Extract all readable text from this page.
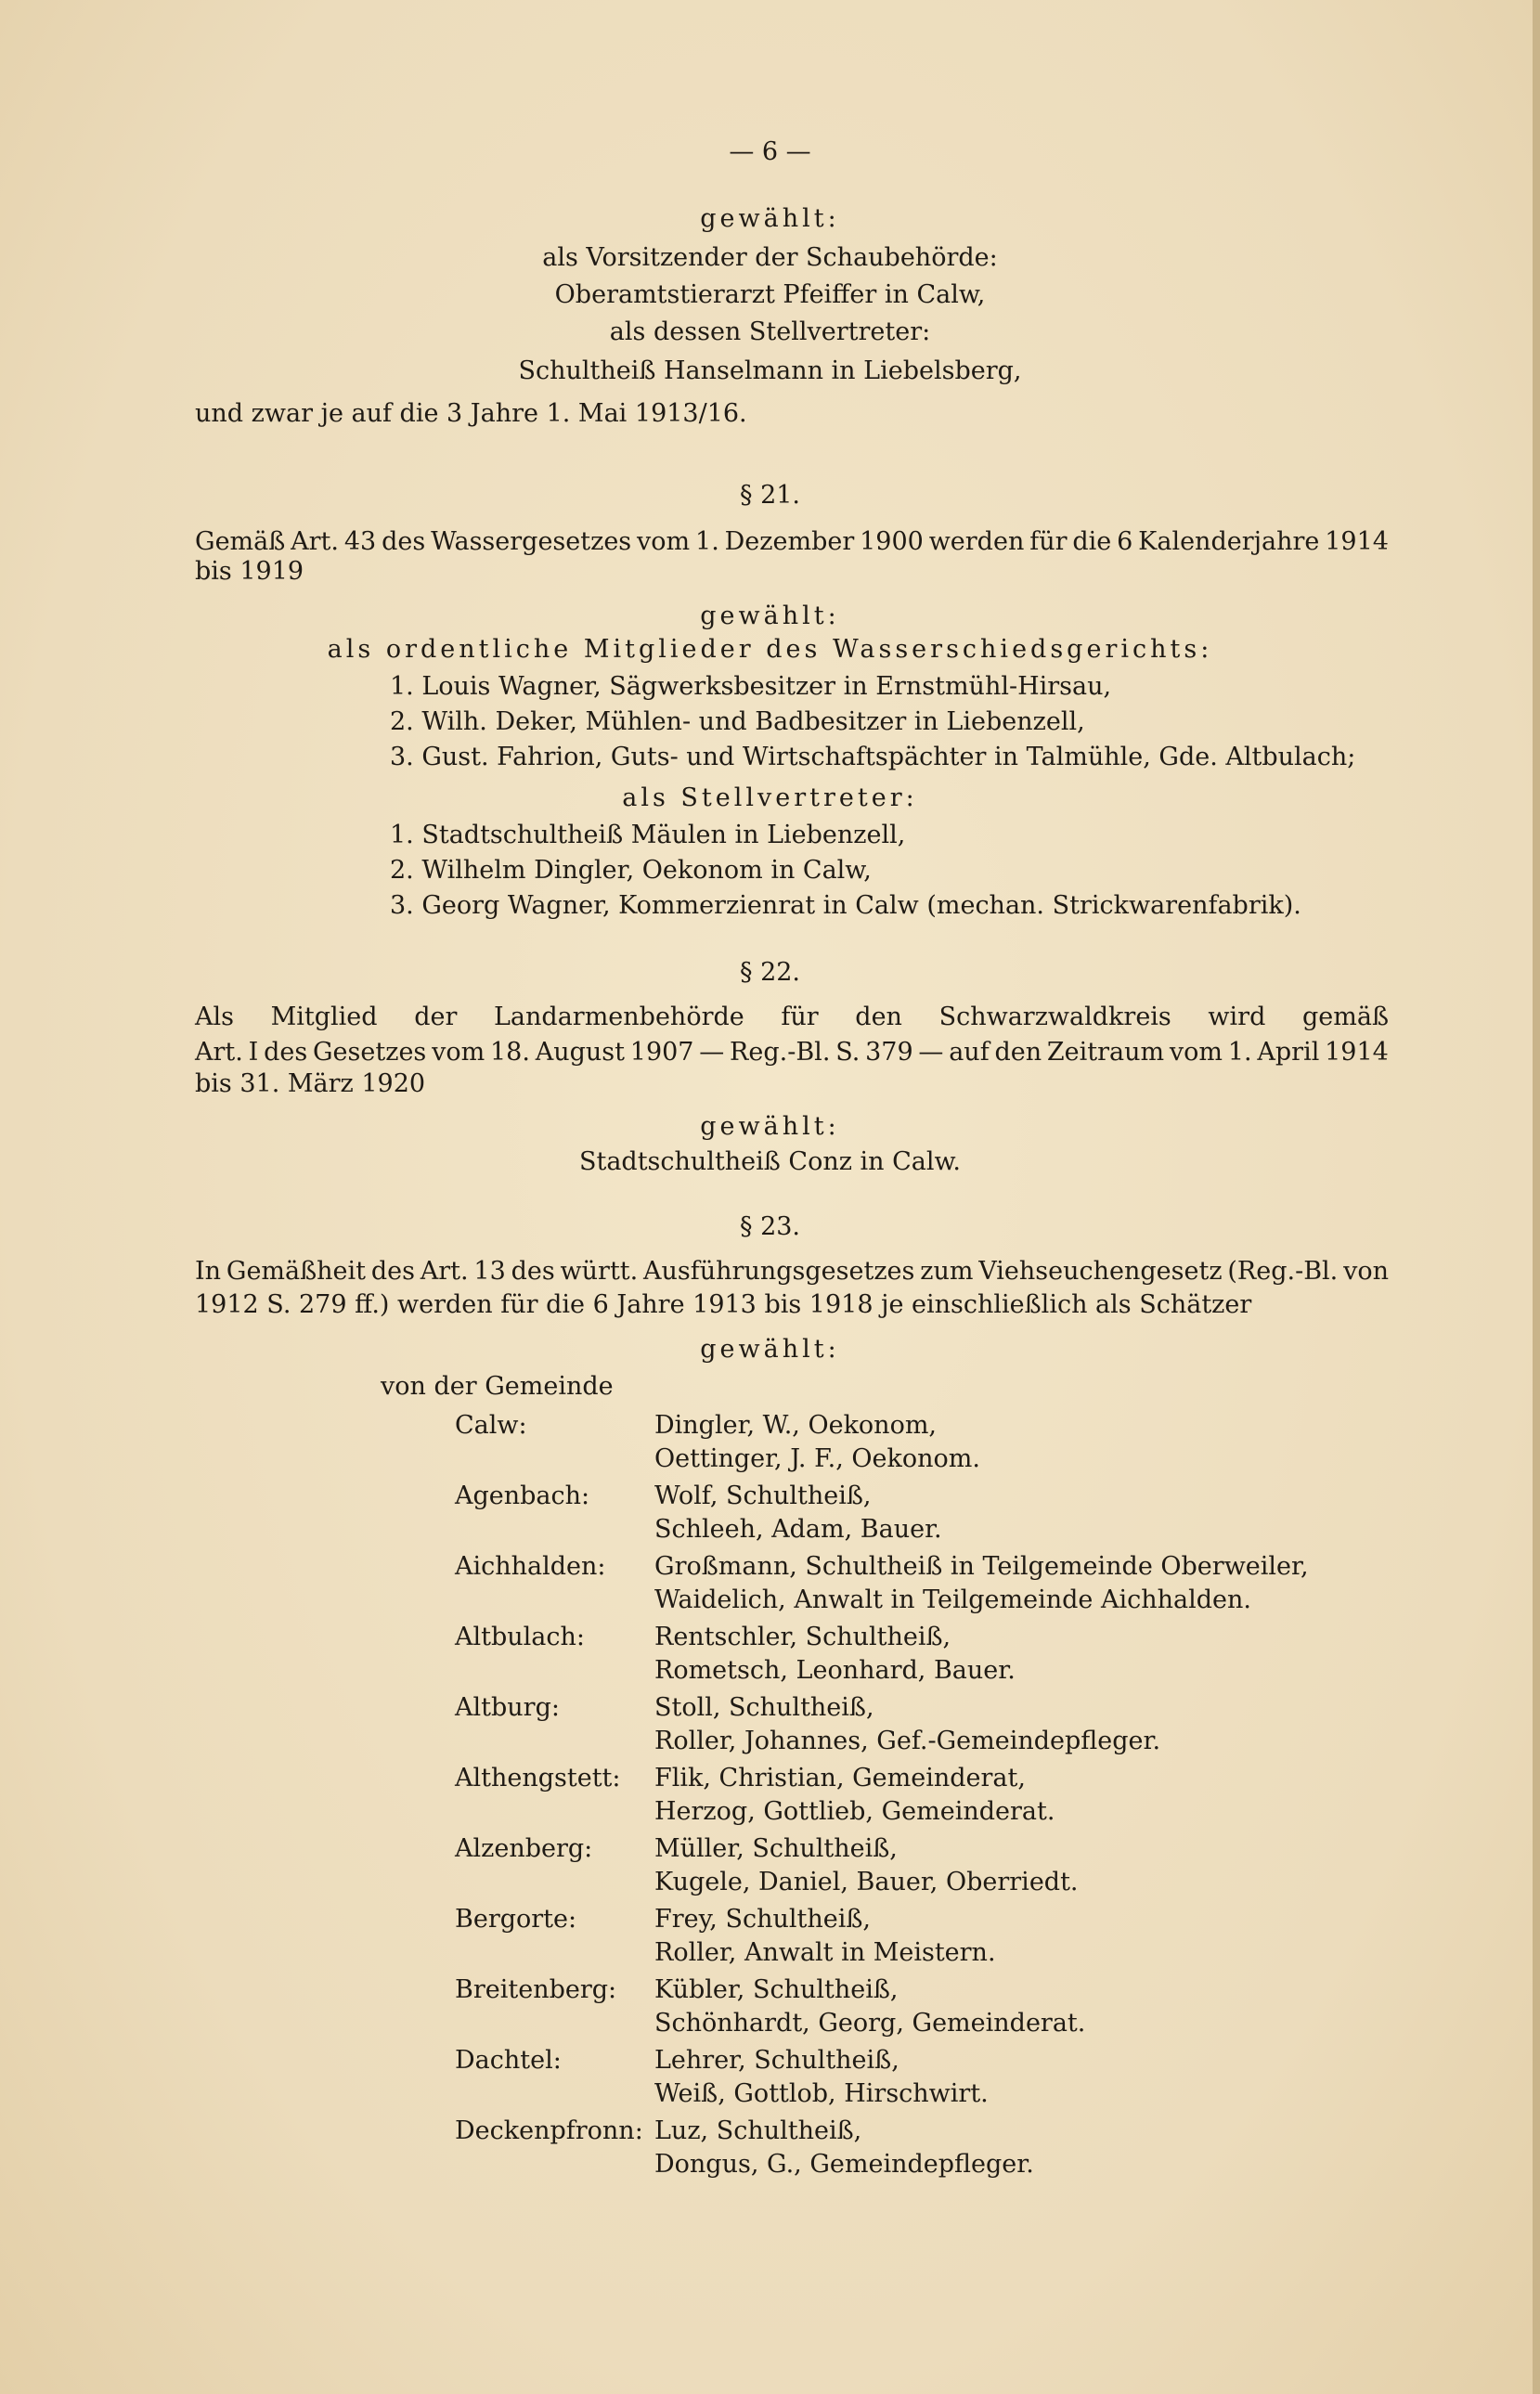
— 6 —
gewählt:
als Vorsitzender der Schaubehörde:
Oberamtstierarzt Pfeiffer in Calw,
als dessen Stellvertreter:
Schultheiß Hanselmann in Liebelsberg,
und zwar je auf die 3 Jahre 1. Mai 1913/16.
§ 21.
Gemäß Art. 43 des Wassergesetzes vom 1. Dezember 1900 werden für die 6 Kalenderjahre 1914
bis 1919
gewählt:
als ordentliche Mitglieder des Wasserschiedsgerichts:
1. Louis Wagner, Sägwerksbesitzer in Ernstmühl-Hirsau,
2. Wilh. Deker, Mühlen- und Badbesitzer in Liebenzell,
3. Gust. Fahrion, Guts- und Wirtschaftspächter in Talmühle, Gde. Altbulach;
als Stellvertreter:
1. Stadtschultheiß Mäulen in Liebenzell,
2. Wilhelm Dingler, Oekonom in Calw,
3. Georg Wagner, Kommerzienrat in Calw (mechan. Strickwarenfabrik).
§ 22.
Als Mitglied der Landarmenbehörde für den Schwarzwaldkreis wird gemäß
Art. I des Gesetzes vom 18. August 1907 — Reg.-Bl. S. 379 — auf den Zeitraum vom 1. April 1914
bis 31. März 1920
gewählt:
Stadtschultheiß Conz in Calw.
§ 23.
In Gemäßheit des Art. 13 des württ. Ausführungsgesetzes zum Viehseuchengesetz (Reg.-Bl. von
1912 S. 279 ff.) werden für die 6 Jahre 1913 bis 1918 je einschließlich als Schätzer
gewählt:
von der Gemeinde
Calw:	Dingler, W., Oekonom,
Oettinger, J. F., Oekonom.
Agenbach:	Wolf, Schultheiß,
Schleeh, Adam, Bauer.
Aichhalden:	Großmann, Schultheiß in Teilgemeinde Oberweiler,
Waidelich, Anwalt in Teilgemeinde Aichhalden.
Altbulach:	Rentschler, Schultheiß,
Rometsch, Leonhard, Bauer.
Altburg:	Stoll, Schultheiß,
Roller, Johannes, Gef.-Gemeindepfleger.
Althengstett:	Flik, Christian, Gemeinderat,
Herzog, Gottlieb, Gemeinderat.
Alzenberg:	Müller, Schultheiß,
Kugele, Daniel, Bauer, Oberriedt.
Bergorte:	Frey, Schultheiß,
Roller, Anwalt in Meistern.
Breitenberg:	Kübler, Schultheiß,
Schönhardt, Georg, Gemeinderat.
Dachtel:	Lehrer, Schultheiß,
Weiß, Gottlob, Hirschwirt.
Deckenpfronn: Luz, Schultheiß,
Dongus, G., Gemeindepfleger.
